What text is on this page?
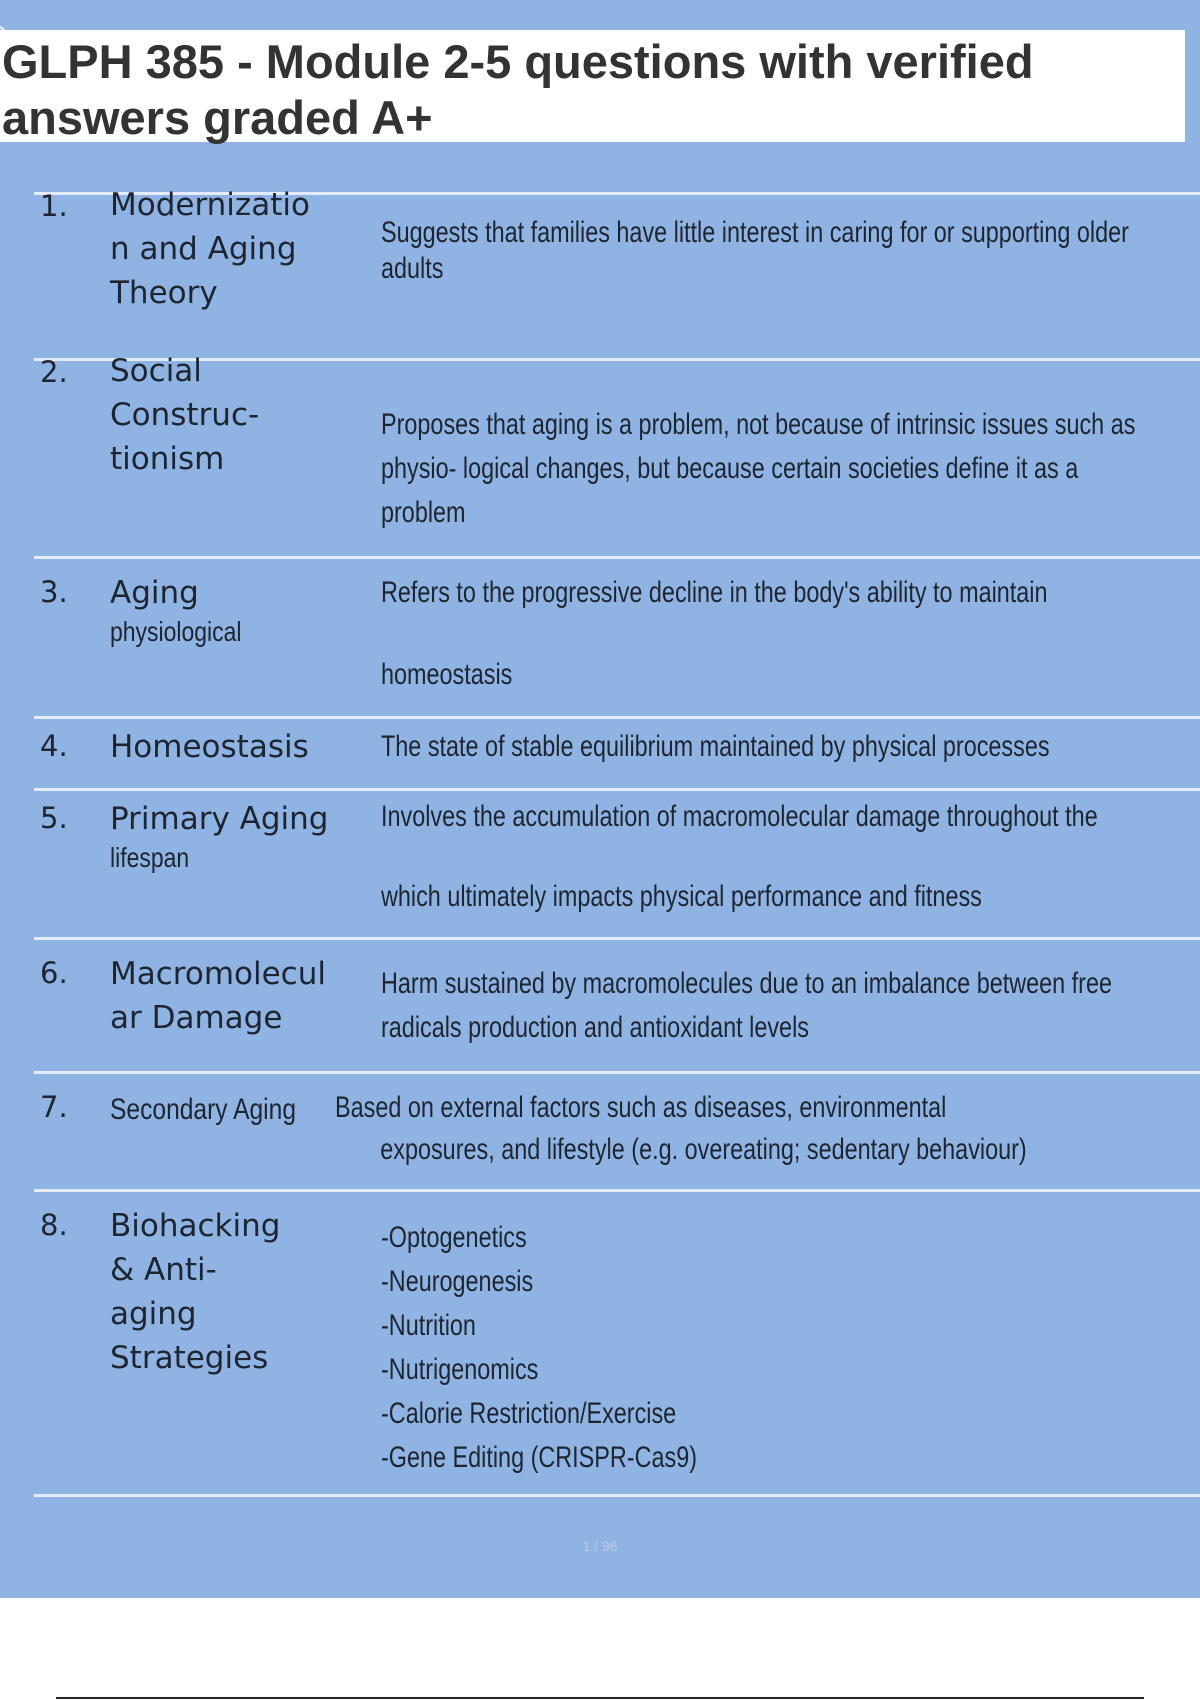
GLPH 385 - Module 2-5 questions with verified answers graded A+
1. Modernizatio n and Aging Theory
Suggests that families have little interest in caring for or supporting older
adults
2. Social Construc- tionism
Proposes that aging is a problem, not because of intrinsic issues such as
physio- logical changes, but because certain societies define it as a
problem
3. Aging
physiological
Refers to the progressive decline in the body's ability to maintain
homeostasis
4. Homeostasis	The state of stable equilibrium maintained by physical processes
5. Primary Aging
lifespan
Involves the accumulation of macromolecular damage throughout the
which ultimately impacts physical performance and fitness
6. Macromolecul ar Damage
Harm sustained by macromolecules due to an imbalance between free
radicals production and antioxidant levels
7. Secondary Aging	Based on external factors such as diseases, environmental
exposures, and lifestyle (e.g. overeating; sedentary behaviour)
8. Biohacking & Anti- aging Strategies
-Optogenetics
-Neurogenesis
-Nutrition
-Nutrigenomics
-Calorie Restriction/Exercise
-Gene Editing (CRISPR-Cas9)
1 / 96
